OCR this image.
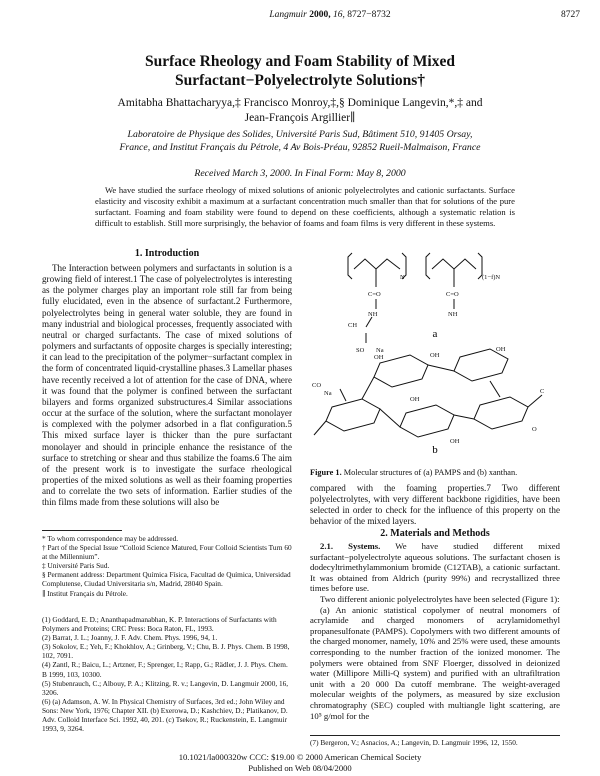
Langmuir 2000, 16, 8727−8732	8727
Surface Rheology and Foam Stability of Mixed
Surfactant−Polyelectrolyte Solutions†
Amitabha Bhattacharyya,‡ Francisco Monroy,‡,§ Dominique Langevin,*,‡ and
Jean-François Argillier∥
Laboratoire de Physique des Solides, Université Paris Sud, Bâtiment 510, 91405 Orsay,
France, and Institut Français du Pétrole, 4 Av Bois-Préau, 92852 Rueil-Malmaison, France
Received March 3, 2000. In Final Form: May 8, 2000
We have studied the surface rheology of mixed solutions of anionic polyelectrolytes and cationic surfactants. Surface elasticity and viscosity exhibit a maximum at a surfactant concentration much smaller than that for solutions of the pure surfactant. Foaming and foam stability were found to depend on these coefficients, although a systematic relation is difficult to establish. Still more surprisingly, the behavior of foams and foam films is very different in these systems.
1. Introduction

The Interaction between polymers and surfactants in solution is a growing field of interest.1 The case of polyelectrolytes is interesting as the polymer charges play an important role still far from being fully elucidated, even in the absence of surfactant.2 Furthermore, polyelectrolytes being in general water soluble, they are found in many industrial and biological processes, frequently associated with neutral or charged surfactants. The case of mixed solutions of polymers and surfactants of opposite charges is specially interesting; it can lead to the precipitation of the polymer−surfactant complex in the form of concentrated liquid-crystalline phases.3 Lamellar phases have recently received a lot of attention for the case of DNA, where it was found that the polymer is confined between the surfactant bilayers and forms organized substructures.4 Similar associations occur at the surface of the solution, where the surfactant monolayer is complexed with the polymer adsorbed in a flat configuration.5 This mixed surface layer is thicker than the pure surfactant monolayer and should in principle enhance the resistance of the surface to stretching or shear and thus stabilize the foams.6 The aim of the present work is to investigate the surface rheological properties of the mixed solutions as well as their foaming properties and to correlate the two sets of information. Earlier studies of the thin films made from these solutions will also be

* To whom correspondence may be addressed.

† Part of the Special Issue “Colloid Science Matured, Four Colloid Scientists Turn 60 at the Millennium”.

‡ Université Paris Sud.

§ Permanent address: Department Química Física, Facultad de Química, Universidad Complutense, Ciudad Universitaria s/n, Madrid, 28040 Spain.

∥ Institut Français du Pétrole.

(1) Goddard, E. D.; Ananthapadmanabhan, K. P. Interactions of Surfactants with Polymers and Proteins; CRC Press: Boca Raton, FL, 1993.

(2) Barrat, J. L.; Joanny, J. F. Adv. Chem. Phys. 1996, 94, 1.

(3) Sokolov, E.; Yeh, F.; Khokhlov, A.; Grinberg, V.; Chu, B. J. Phys. Chem. B 1998, 102, 7091.

(4) Zantl, R.; Baicu, L.; Artzner, F.; Sprenger, I.; Rapp, G.; Rädler, J. J. Phys. Chem. B 1999, 103, 10300.

(5) Stubenrauch, C.; Albouy, P. A.; Klitzing, R. v.; Langevin, D. Langmuir 2000, 16, 3206.

(6) (a) Adamson, A. W. In Physical Chemistry of Surfaces, 3rd ed.; John Wiley and Sons: New York, 1976; Chapter XII. (b) Exerowa, D.; Kashchiev, D.; Platikanov, D. Adv. Colloid Interface Sci. 1992, 40, 201. (c) Tsekov, R.; Ruckenstein, E. Langmuir 1993, 9, 3264.

N	(1−f)N
C=O
NH
C=O
NH
CH
SO Na
OH	OH
OH
CO
Na
OH
OH
O
C
a
b
Figure 1. Molecular structures of (a) PAMPS and (b) xanthan.
compared with the foaming properties.7 Two different polyelectrolytes, with very different backbone rigidities, have been selected in order to check for the influence of this property on the behavior of the mixed layers.
2. Materials and Methods

2.1. Systems. We have studied different mixed surfactant−polyelectrolyte aqueous solutions. The surfactant chosen is dodecyltrimethylammonium bromide (C12TAB), a cationic surfactant. It was obtained from Aldrich (purity 99%) and recrystallized three times before use.

Two different anionic polyelectrolytes have been selected (Figure 1):

(a) An anionic statistical copolymer of neutral monomers of acrylamide and charged monomers of acrylamidomethyl propanesulfonate (PAMPS). Copolymers with two different amounts of the charged monomer, namely, 10% and 25% were used, these amounts corresponding to the number fraction of the ionized monomer. The polymers were obtained from SNF Floerger, dissolved in deionized water (Millipore Milli-Q system) and purified with an ultrafiltration unit with a 20 000 Da cutoff membrane. The weight-averaged molecular weights of the polymers, as measured by size exclusion chromatography (SEC) coupled with multiangle light scattering, are 10⁵ g/mol for the

(7) Bergeron, V.; Asnacios, A.; Langevin, D. Langmuir 1996, 12, 1550.
10.1021/la000320w CCC: $19.00 © 2000 American Chemical Society
Published on Web 08/04/2000
